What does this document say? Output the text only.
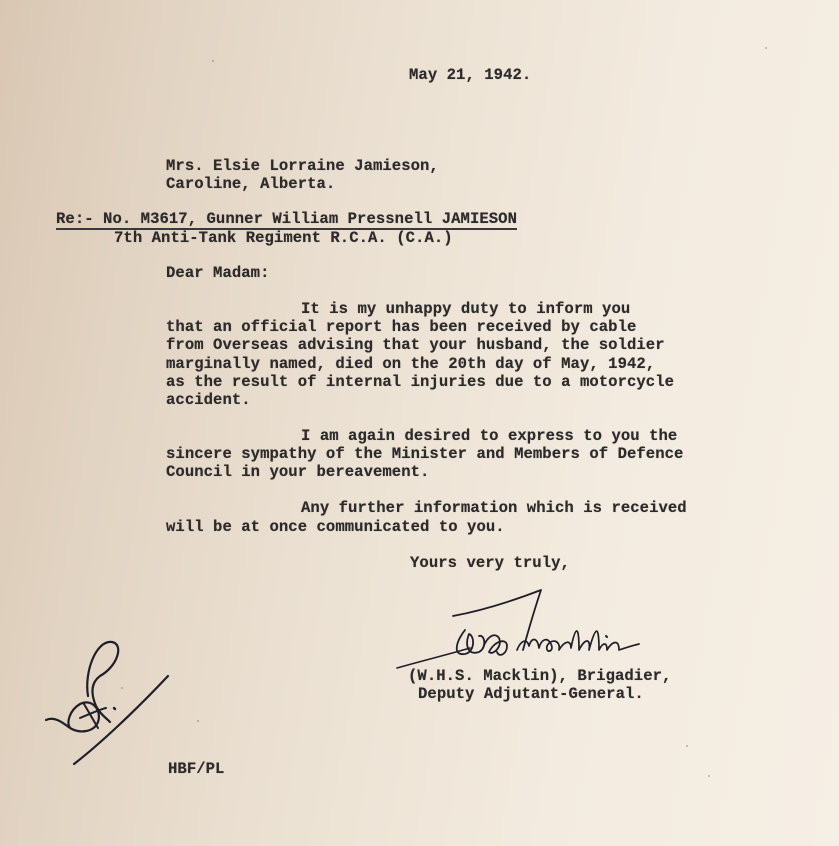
May 21, 1942.
Mrs. Elsie Lorraine Jamieson,
Caroline, Alberta.
Re:- No. M3617, Gunner William Pressnell JAMIESON
7th Anti-Tank Regiment R.C.A. (C.A.)
Dear Madam:
It is my unhappy duty to inform you
that an official report has been received by cable
from Overseas advising that your husband, the soldier
marginally named, died on the 20th day of May, 1942,
as the result of internal injuries due to a motorcycle
accident.
I am again desired to express to you the
sincere sympathy of the Minister and Members of Defence
Council in your bereavement.
Any further information which is received
will be at once communicated to you.
Yours very truly,
(W.H.S. Macklin), Brigadier,
Deputy Adjutant-General.
HBF/PL
